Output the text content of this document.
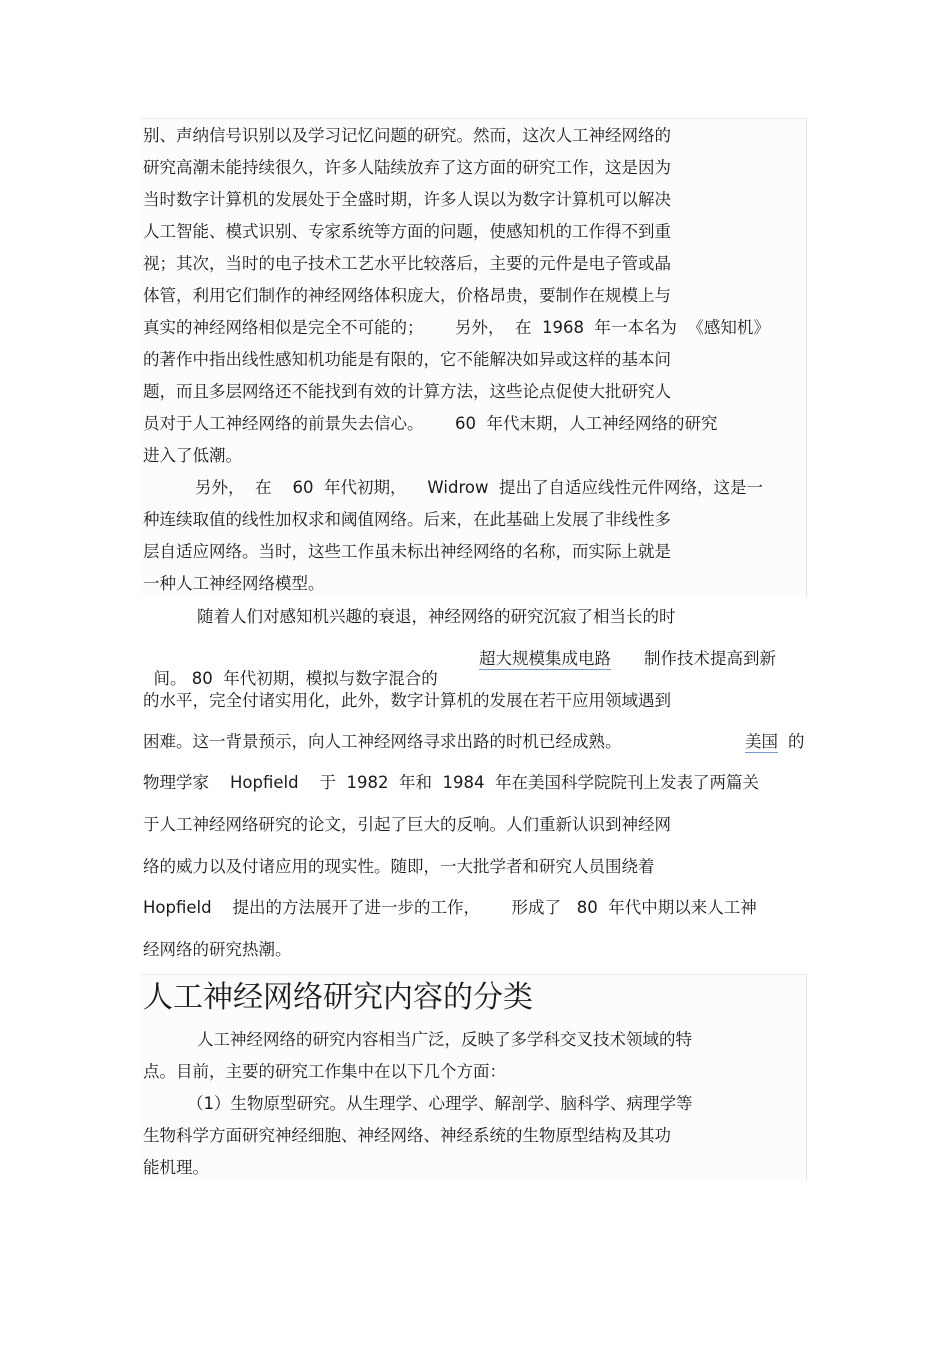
别、声纳信号识别以及学习记忆问题的研究。然而，这次人工神经网络的
研究高潮未能持续很久，许多人陆续放弃了这方面的研究工作，这是因为
当时数字计算机的发展处于全盛时期，许多人误以为数字计算机可以解决
人工智能、模式识别、专家系统等方面的问题，使感知机的工作得不到重
视；其次，当时的电子技术工艺水平比较落后，主要的元件是电子管或晶
体管，利用它们制作的神经网络体积庞大，价格昂贵，要制作在规模上与
真实的神经网络相似是完全不可能的；      另外，  在  1968  年一本名为  《感知机》
的著作中指出线性感知机功能是有限的，它不能解决如异或这样的基本问
题，而且多层网络还不能找到有效的计算方法，这些论点促使大批研究人
员对于人工神经网络的前景失去信心。      60  年代末期，人工神经网络的研究
进入了低潮。
另外，  在    60  年代初期，    Widrow  提出了自适应线性元件网络，这是一
种连续取值的线性加权求和阈值网络。后来，在此基础上发展了非线性多
层自适应网络。当时，这些工作虽未标出神经网络的名称，而实际上就是
一种人工神经网络模型。
随着人们对感知机兴趣的衰退，神经网络的研究沉寂了相当长的时

间。 80  年代初期，模拟与数字混合的

超大规模集成电路 制作技术提高到新
的水平，完全付诸实用化，此外，数字计算机的发展在若干应用领域遇到
困难。这一背景预示，向人工神经网络寻求出路的时机已经成熟。	美国 的
物理学家    Hopfield    于  1982  年和  1984  年在美国科学院院刊上发表了两篇关
于人工神经网络研究的论文，引起了巨大的反响。人们重新认识到神经网
络的威力以及付诸应用的现实性。随即，一大批学者和研究人员围绕着
Hopfield    提出的方法展开了进一步的工作，      形成了   80  年代中期以来人工神
经网络的研究热潮。
人工神经网络研究内容的分类
人工神经网络的研究内容相当广泛，反映了多学科交叉技术领域的特
点。目前，主要的研究工作集中在以下几个方面：
（1）生物原型研究。从生理学、心理学、解剖学、脑科学、病理学等
生物科学方面研究神经细胞、神经网络、神经系统的生物原型结构及其功
能机理。
